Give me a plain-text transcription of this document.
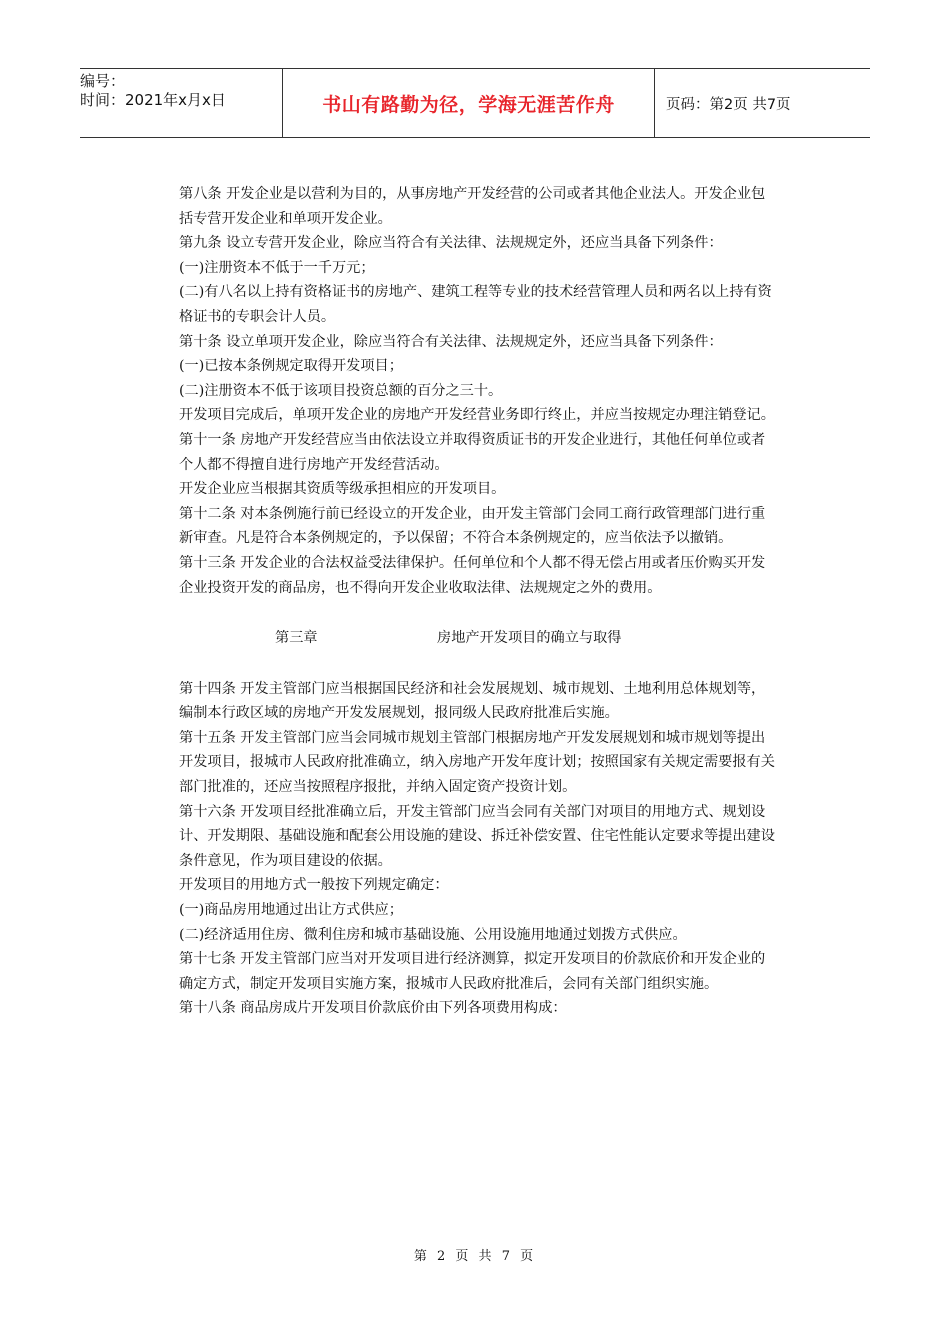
编号：
时间：2021年x月x日	书山有路勤为径，学海无涯苦作舟	页码：第2页 共7页

第八条 开发企业是以营利为目的，从事房地产开发经营的公司或者其他企业法人。开发企业包括专营开发企业和单项开发企业。

第九条 设立专营开发企业，除应当符合有关法律、法规规定外，还应当具备下列条件：

(一)注册资本不低于一千万元；

(二)有八名以上持有资格证书的房地产、建筑工程等专业的技术经营管理人员和两名以上持有资格证书的专职会计人员。

第十条 设立单项开发企业，除应当符合有关法律、法规规定外，还应当具备下列条件：

(一)已按本条例规定取得开发项目；

(二)注册资本不低于该项目投资总额的百分之三十。

开发项目完成后，单项开发企业的房地产开发经营业务即行终止，并应当按规定办理注销登记。

第十一条 房地产开发经营应当由依法设立并取得资质证书的开发企业进行，其他任何单位或者个人都不得擅自进行房地产开发经营活动。

开发企业应当根据其资质等级承担相应的开发项目。

第十二条 对本条例施行前已经设立的开发企业，由开发主管部门会同工商行政管理部门进行重新审查。凡是符合本条例规定的，予以保留；不符合本条例规定的，应当依法予以撤销。

第十三条 开发企业的合法权益受法律保护。任何单位和个人都不得无偿占用或者压价购买开发企业投资开发的商品房，也不得向开发企业收取法律、法规规定之外的费用。

第三章	房地产开发项目的确立与取得

第十四条 开发主管部门应当根据国民经济和社会发展规划、城市规划、土地利用总体规划等，编制本行政区域的房地产开发发展规划，报同级人民政府批准后实施。

第十五条 开发主管部门应当会同城市规划主管部门根据房地产开发发展规划和城市规划等提出开发项目，报城市人民政府批准确立，纳入房地产开发年度计划；按照国家有关规定需要报有关部门批准的，还应当按照程序报批，并纳入固定资产投资计划。

第十六条 开发项目经批准确立后，开发主管部门应当会同有关部门对项目的用地方式、规划设计、开发期限、基础设施和配套公用设施的建设、拆迁补偿安置、住宅性能认定要求等提出建设条件意见，作为项目建设的依据。

开发项目的用地方式一般按下列规定确定：

(一)商品房用地通过出让方式供应；

(二)经济适用住房、微利住房和城市基础设施、公用设施用地通过划拨方式供应。

第十七条 开发主管部门应当对开发项目进行经济测算，拟定开发项目的价款底价和开发企业的确定方式，制定开发项目实施方案，报城市人民政府批准后，会同有关部门组织实施。

第十八条 商品房成片开发项目价款底价由下列各项费用构成：

第 2 页 共 7 页
